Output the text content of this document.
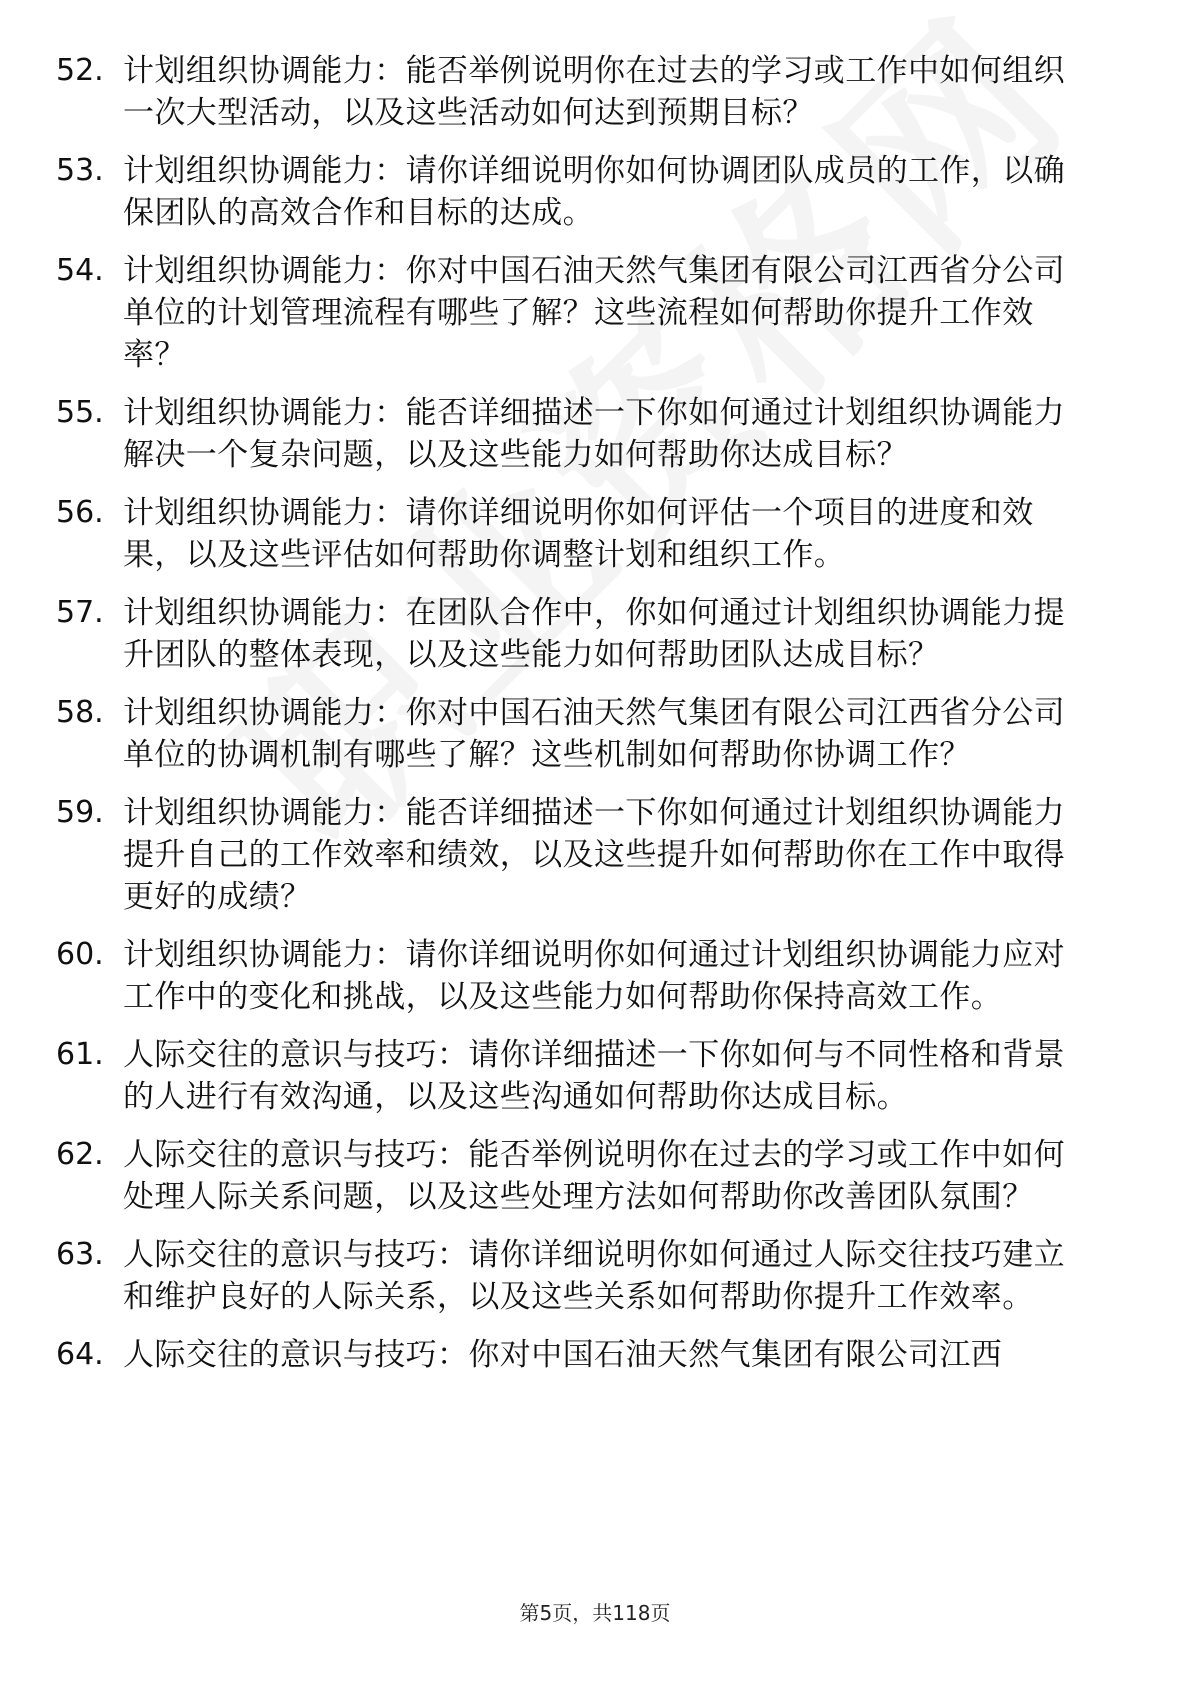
52. 计划组织协调能力：能否举例说明你在过去的学习或工作中如何组织一次大型活动，以及这些活动如何达到预期目标？
53. 计划组织协调能力：请你详细说明你如何协调团队成员的工作，以确保团队的高效合作和目标的达成。
54. 计划组织协调能力：你对中国石油天然气集团有限公司江西省分公司单位的计划管理流程有哪些了解？这些流程如何帮助你提升工作效率？
55. 计划组织协调能力：能否详细描述一下你如何通过计划组织协调能力解决一个复杂问题，以及这些能力如何帮助你达成目标？
56. 计划组织协调能力：请你详细说明你如何评估一个项目的进度和效果，以及这些评估如何帮助你调整计划和组织工作。
57. 计划组织协调能力：在团队合作中，你如何通过计划组织协调能力提升团队的整体表现，以及这些能力如何帮助团队达成目标？
58. 计划组织协调能力：你对中国石油天然气集团有限公司江西省分公司单位的协调机制有哪些了解？这些机制如何帮助你协调工作？
59. 计划组织协调能力：能否详细描述一下你如何通过计划组织协调能力提升自己的工作效率和绩效，以及这些提升如何帮助你在工作中取得更好的成绩？
60. 计划组织协调能力：请你详细说明你如何通过计划组织协调能力应对工作中的变化和挑战，以及这些能力如何帮助你保持高效工作。
61. 人际交往的意识与技巧：请你详细描述一下你如何与不同性格和背景的人进行有效沟通，以及这些沟通如何帮助你达成目标。
62. 人际交往的意识与技巧：能否举例说明你在过去的学习或工作中如何处理人际关系问题，以及这些处理方法如何帮助你改善团队氛围？
63. 人际交往的意识与技巧：请你详细说明你如何通过人际交往技巧建立和维护良好的人际关系，以及这些关系如何帮助你提升工作效率。
64. 人际交往的意识与技巧：你对中国石油天然气集团有限公司江西
第5页，共118页
